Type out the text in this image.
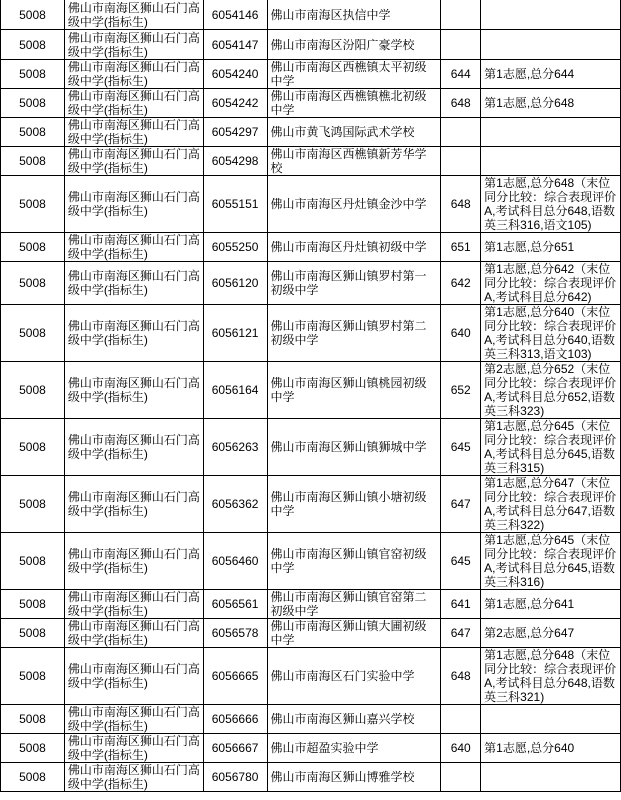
5008	佛山市南海区狮山石门高级中学(指标生)	6054146	佛山市南海区执信中学		
5008	佛山市南海区狮山石门高级中学(指标生)	6054147	佛山市南海区汾阳广豪学校		
5008	佛山市南海区狮山石门高级中学(指标生)	6054240	佛山市南海区西樵镇太平初级中学	644	第1志愿,总分644
5008	佛山市南海区狮山石门高级中学(指标生)	6054242	佛山市南海区西樵镇樵北初级中学	648	第1志愿,总分648
5008	佛山市南海区狮山石门高级中学(指标生)	6054297	佛山市黄飞鸿国际武术学校		
5008	佛山市南海区狮山石门高级中学(指标生)	6054298	佛山市南海区西樵镇新芳华学校		
5008	佛山市南海区狮山石门高级中学(指标生)	6055151	佛山市南海区丹灶镇金沙中学	648	第1志愿,总分648（末位同分比较：综合表现评价A,考试科目总分648,语数英三科316,语文105)
5008	佛山市南海区狮山石门高级中学(指标生)	6055250	佛山市南海区丹灶镇初级中学	651	第1志愿,总分651
5008	佛山市南海区狮山石门高级中学(指标生)	6056120	佛山市南海区狮山镇罗村第一初级中学	642	第1志愿,总分642（末位同分比较：综合表现评价A,考试科目总分642)
5008	佛山市南海区狮山石门高级中学(指标生)	6056121	佛山市南海区狮山镇罗村第二初级中学	640	第1志愿,总分640（末位同分比较：综合表现评价A,考试科目总分640,语数英三科313,语文103)
5008	佛山市南海区狮山石门高级中学(指标生)	6056164	佛山市南海区狮山镇桃园初级中学	652	第2志愿,总分652（末位同分比较：综合表现评价A,考试科目总分652,语数英三科323)
5008	佛山市南海区狮山石门高级中学(指标生)	6056263	佛山市南海区狮山镇狮城中学	645	第1志愿,总分645（末位同分比较：综合表现评价A,考试科目总分645,语数英三科315)
5008	佛山市南海区狮山石门高级中学(指标生)	6056362	佛山市南海区狮山镇小塘初级中学	647	第1志愿,总分647（末位同分比较：综合表现评价A,考试科目总分647,语数英三科322)
5008	佛山市南海区狮山石门高级中学(指标生)	6056460	佛山市南海区狮山镇官窑初级中学	645	第1志愿,总分645（末位同分比较：综合表现评价A,考试科目总分645,语数英三科316)
5008	佛山市南海区狮山石门高级中学(指标生)	6056561	佛山市南海区狮山镇官窑第二初级中学	641	第1志愿,总分641
5008	佛山市南海区狮山石门高级中学(指标生)	6056578	佛山市南海区狮山镇大圃初级中学	647	第2志愿,总分647
5008	佛山市南海区狮山石门高级中学(指标生)	6056665	佛山市南海区石门实验中学	648	第1志愿,总分648（末位同分比较：综合表现评价A,考试科目总分648,语数英三科321)
5008	佛山市南海区狮山石门高级中学(指标生)	6056666	佛山市南海区狮山嘉兴学校		
5008	佛山市南海区狮山石门高级中学(指标生)	6056667	佛山市超盈实验中学	640	第1志愿,总分640
5008	佛山市南海区狮山石门高级中学(指标生)	6056780	佛山市南海区狮山博雅学校		
